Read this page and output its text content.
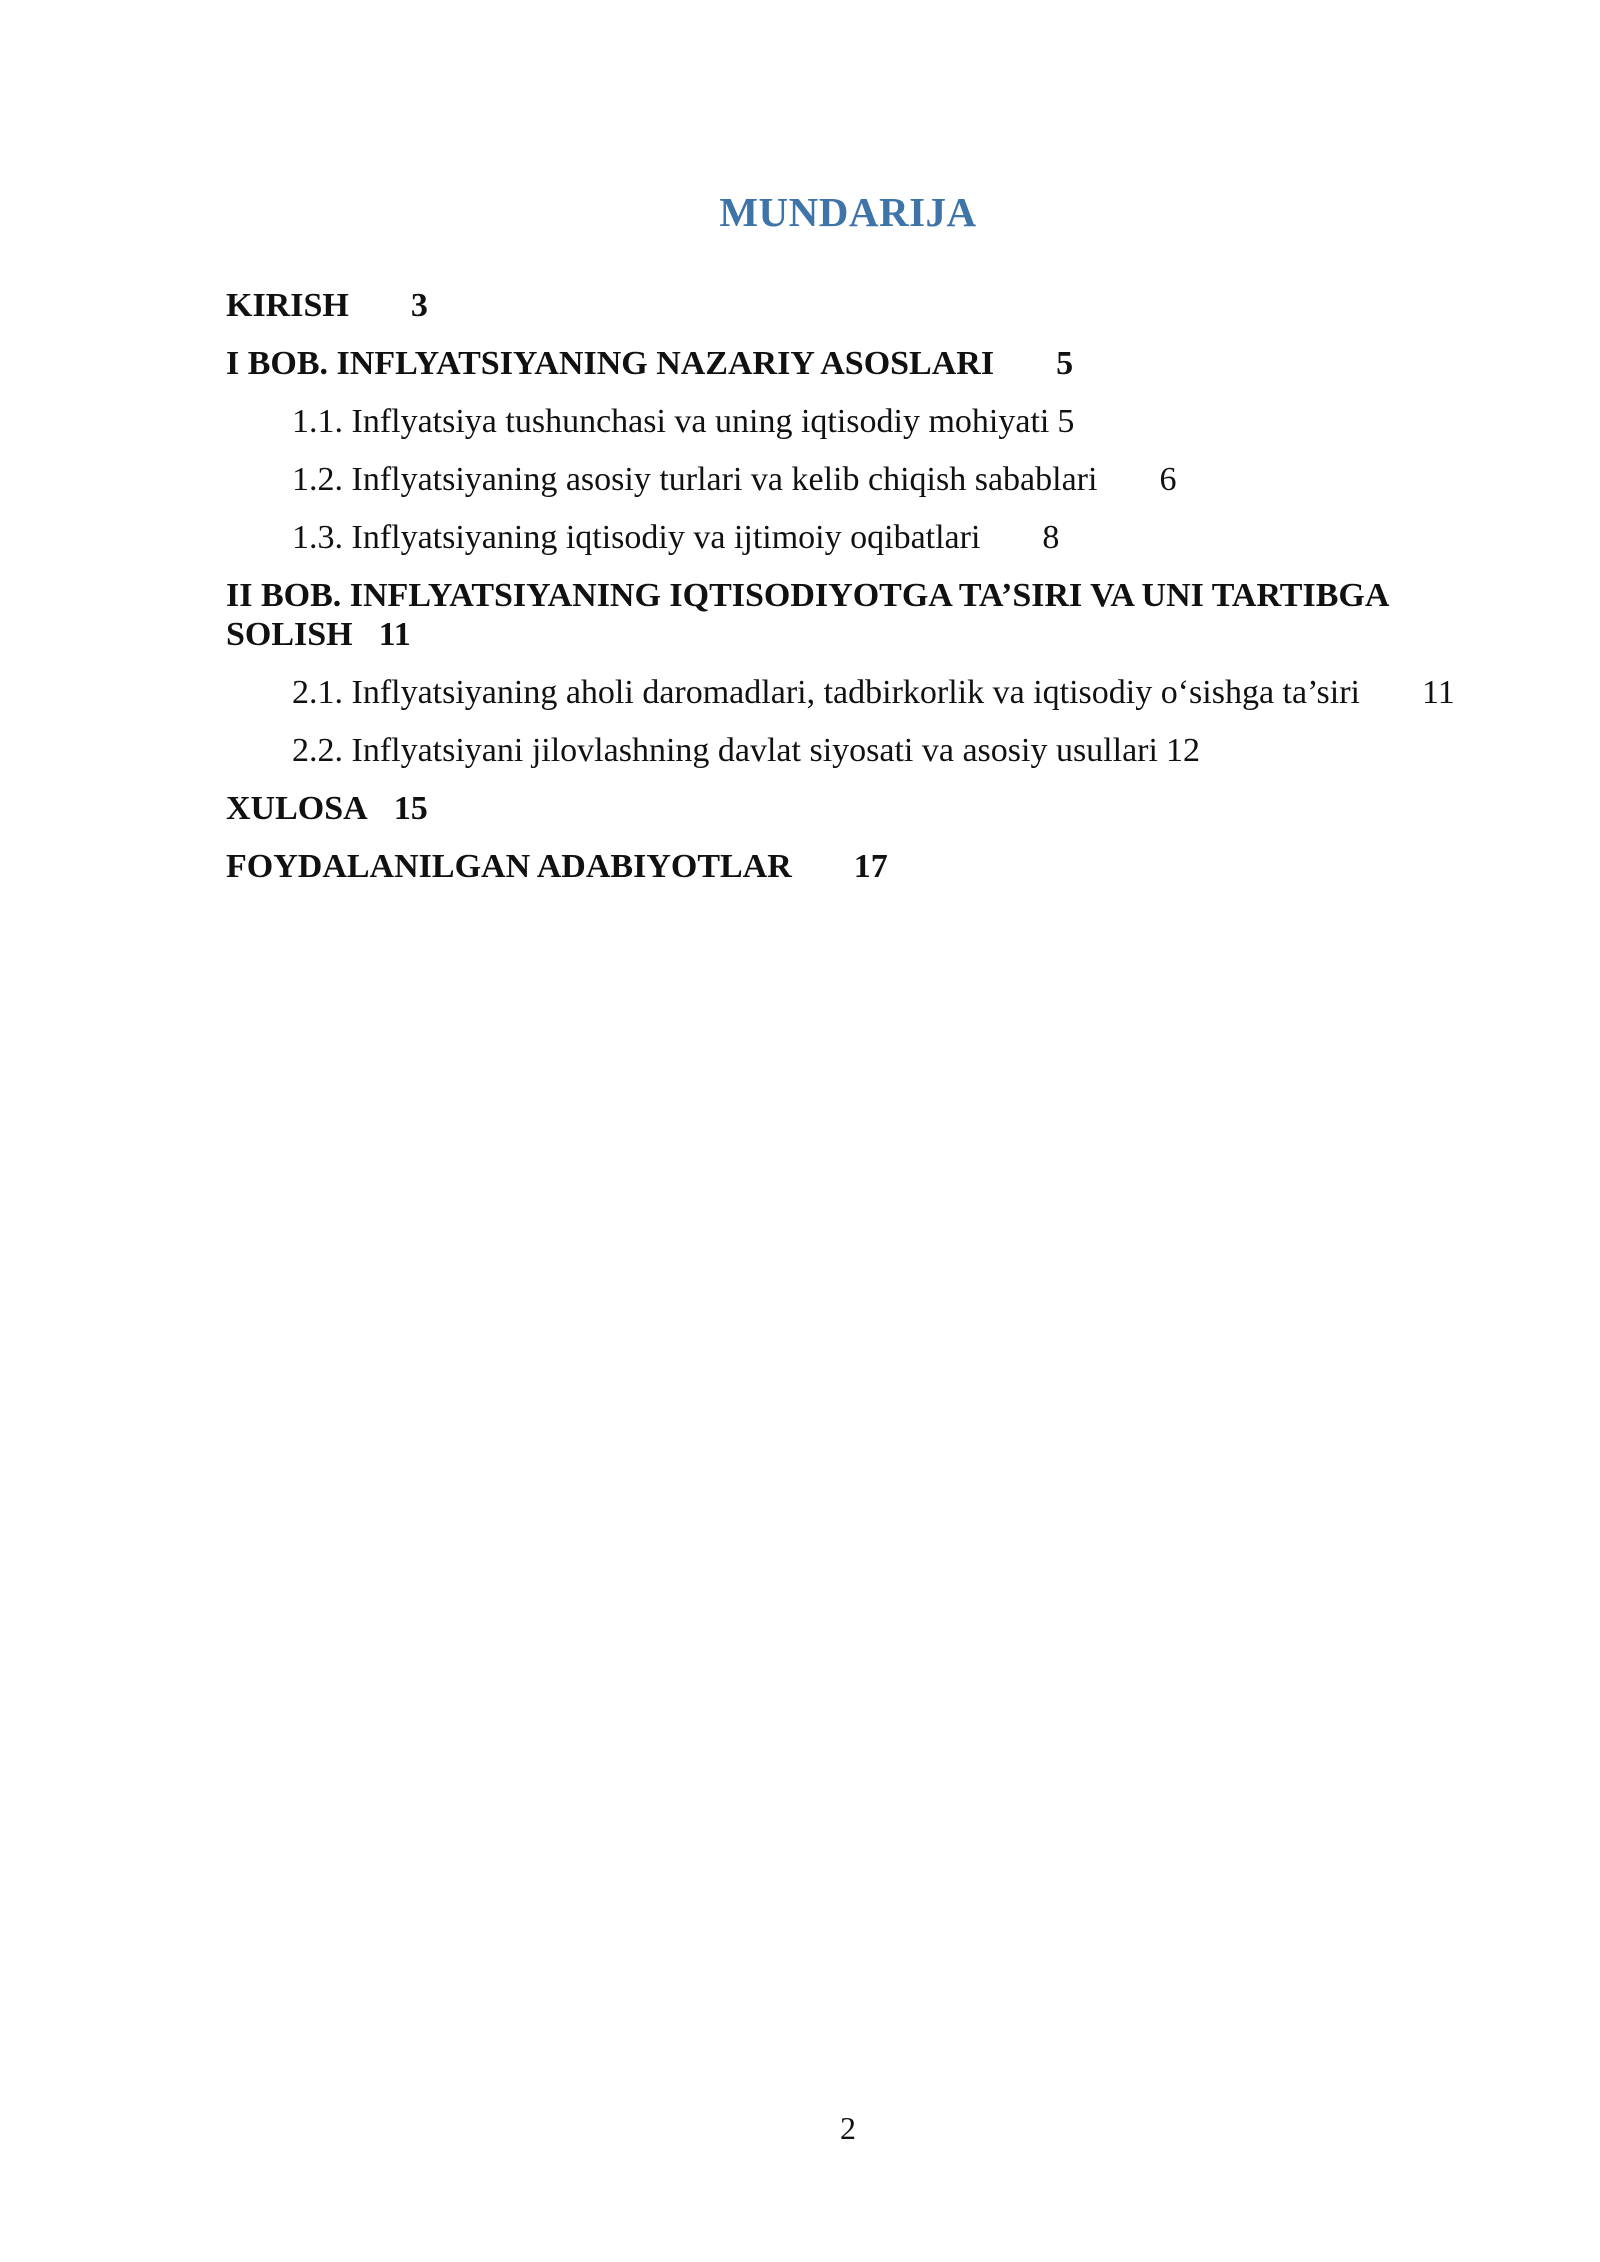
MUNDARIJA
KIRISH 3
I BOB. INFLYATSIYANING NAZARIY ASOSLARI 5
1.1. Inflyatsiya tushunchasi va uning iqtisodiy mohiyati 5
1.2. Inflyatsiyaning asosiy turlari va kelib chiqish sabablari 6
1.3. Inflyatsiyaning iqtisodiy va ijtimoiy oqibatlari 8
II BOB. INFLYATSIYANING IQTISODIYOTGA TA’SIRI VA UNI TARTIBGA SOLISH 11
2.1. Inflyatsiyaning aholi daromadlari, tadbirkorlik va iqtisodiy o‘sishga ta’siri 11
2.2. Inflyatsiyani jilovlashning davlat siyosati va asosiy usullari 12
XULOSA 15
FOYDALANILGAN ADABIYOTLAR 17
2
